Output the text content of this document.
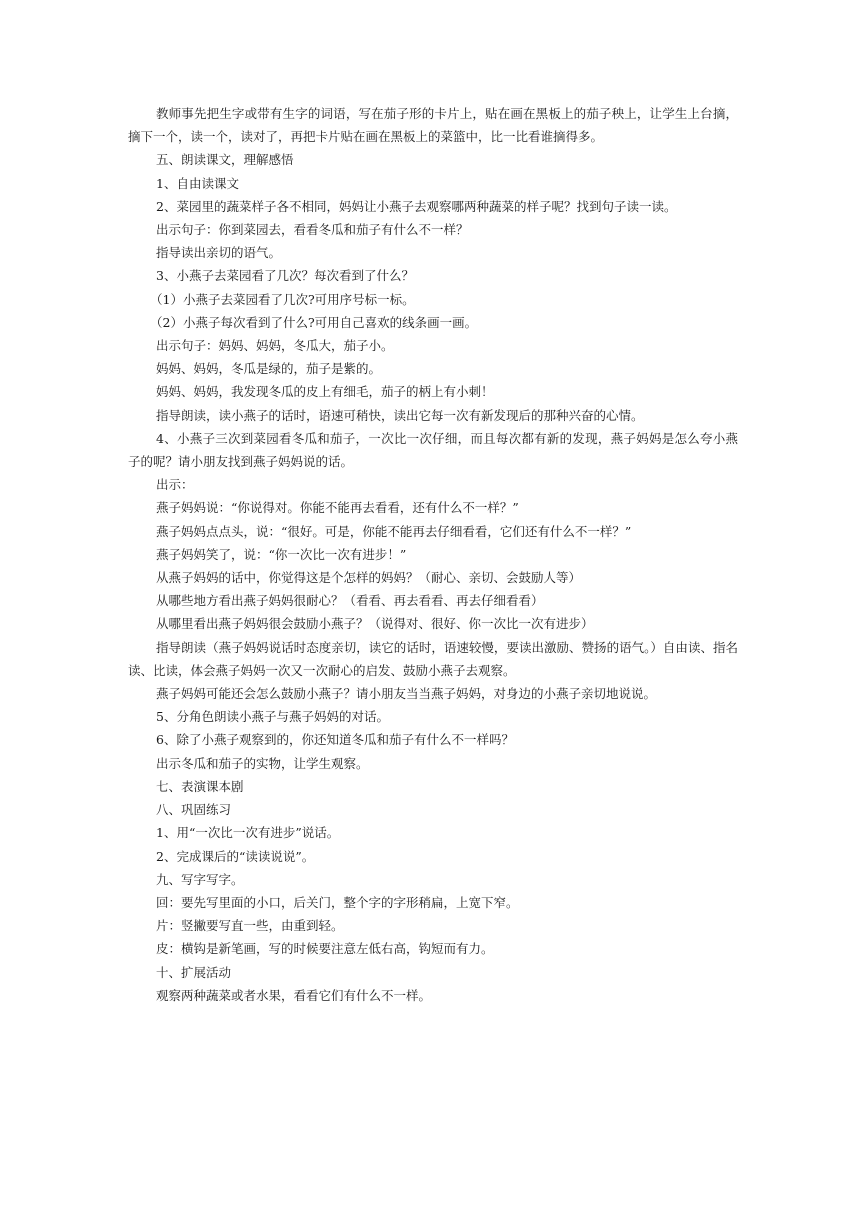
教师事先把生字或带有生字的词语，写在茄子形的卡片上，贴在画在黑板上的茄子秧上，让学生上台摘，摘下一个，读一个，读对了，再把卡片贴在画在黑板上的菜篮中，比一比看谁摘得多。

五、朗读课文，理解感悟

1、自由读课文

2、菜园里的蔬菜样子各不相同，妈妈让小燕子去观察哪两种蔬菜的样子呢？找到句子读一读。

出示句子：你到菜园去，看看冬瓜和茄子有什么不一样？

指导读出亲切的语气。

3、小燕子去菜园看了几次？每次看到了什么？

（1）小燕子去菜园看了几次?可用序号标一标。

（2）小燕子每次看到了什么?可用自己喜欢的线条画一画。

出示句子：妈妈、妈妈，冬瓜大，茄子小。

妈妈、妈妈，冬瓜是绿的，茄子是紫的。

妈妈、妈妈，我发现冬瓜的皮上有细毛，茄子的柄上有小刺！

指导朗读，读小燕子的话时，语速可稍快，读出它每一次有新发现后的那种兴奋的心情。

4、小燕子三次到菜园看冬瓜和茄子，一次比一次仔细，而且每次都有新的发现，燕子妈妈是怎么夸小燕子的呢？请小朋友找到燕子妈妈说的话。

出示：

燕子妈妈说：“你说得对。你能不能再去看看，还有什么不一样？”

燕子妈妈点点头，说：“很好。可是，你能不能再去仔细看看，它们还有什么不一样？”

燕子妈妈笑了，说：“你一次比一次有进步！”

从燕子妈妈的话中，你觉得这是个怎样的妈妈？（耐心、亲切、会鼓励人等）

从哪些地方看出燕子妈妈很耐心？（看看、再去看看、再去仔细看看）

从哪里看出燕子妈妈很会鼓励小燕子？（说得对、很好、你一次比一次有进步）

指导朗读（燕子妈妈说话时态度亲切，读它的话时，语速较慢，要读出激励、赞扬的语气。）自由读、指名读、比读，体会燕子妈妈一次又一次耐心的启发、鼓励小燕子去观察。

燕子妈妈可能还会怎么鼓励小燕子？请小朋友当当燕子妈妈，对身边的小燕子亲切地说说。

5、分角色朗读小燕子与燕子妈妈的对话。

6、除了小燕子观察到的，你还知道冬瓜和茄子有什么不一样吗？

出示冬瓜和茄子的实物，让学生观察。

七、表演课本剧

八、巩固练习

1、用“一次比一次有进步”说话。

2、完成课后的“读读说说”。

九、写字写字。

回：要先写里面的小口，后关门，整个字的字形稍扁，上宽下窄。

片：竖撇要写直一些，由重到轻。

皮：横钩是新笔画，写的时候要注意左低右高，钩短而有力。

十、扩展活动

观察两种蔬菜或者水果，看看它们有什么不一样。
